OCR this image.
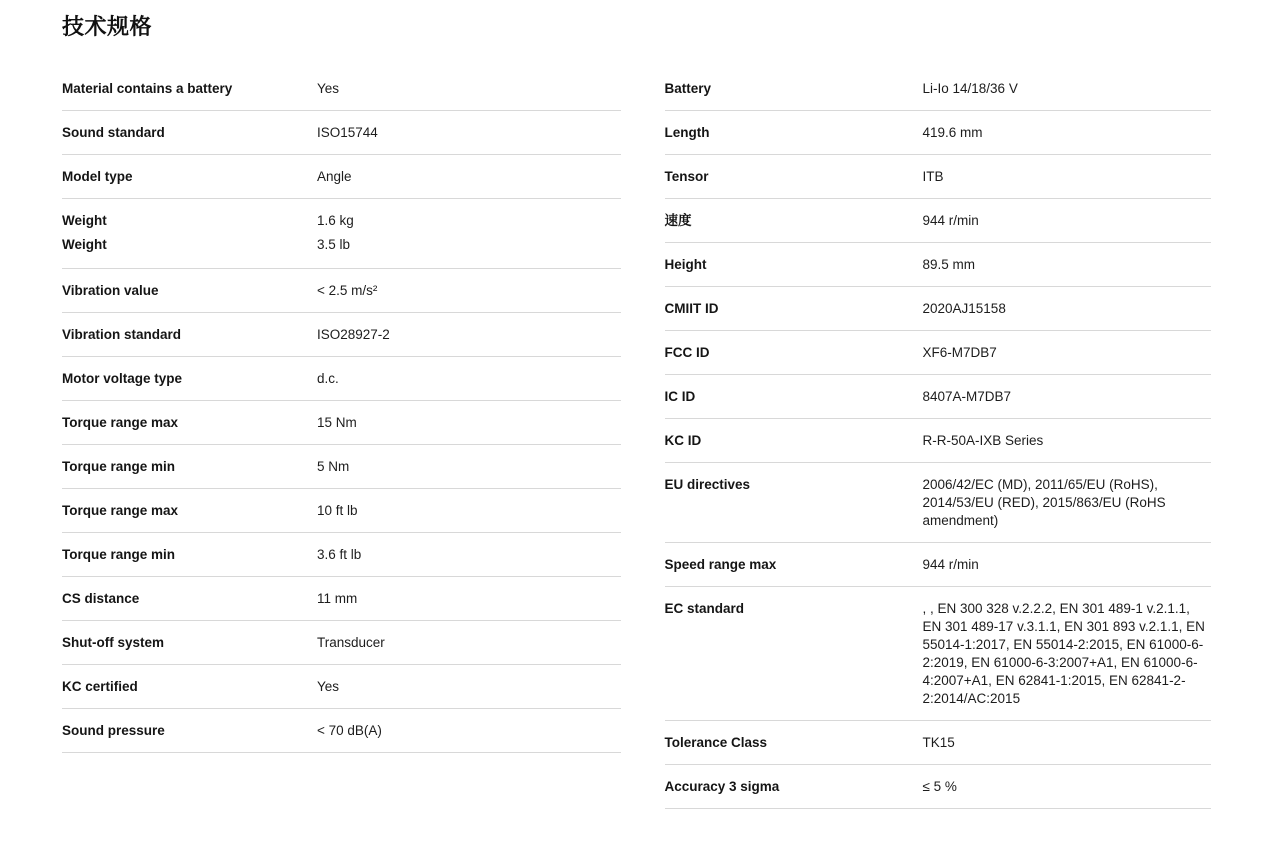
技术规格
Material contains a battery	Yes
Sound standard	ISO15744
Model type	Angle
Weight	1.6 kg
Weight	3.5 lb
Vibration value	< 2.5 m/s²
Vibration standard	ISO28927-2
Motor voltage type	d.c.
Torque range max	15 Nm
Torque range min	5 Nm
Torque range max	10 ft lb
Torque range min	3.6 ft lb
CS distance	11 mm
Shut-off system	Transducer
KC certified	Yes
Sound pressure	< 70 dB(A)
Battery	Li-Io 14/18/36 V
Length	419.6 mm
Tensor	ITB
速度	944 r/min
Height	89.5 mm
CMIIT ID	2020AJ15158
FCC ID	XF6-M7DB7
IC ID	8407A-M7DB7
KC ID	R-R-50A-IXB Series
EU directives	2006/42/EC (MD), 2011/65/EU (RoHS), 2014/53/EU (RED), 2015/863/EU (RoHS amendment)
Speed range max	944 r/min
EC standard	, , EN 300 328 v.2.2.2, EN 301 489-1 v.2.1.1, EN 301 489-17 v.3.1.1, EN 301 893 v.2.1.1, EN 55014-1:2017, EN 55014-2:2015, EN 61000-6-2:2019, EN 61000-6-3:2007+A1, EN 61000-6-4:2007+A1, EN 62841-1:2015, EN 62841-2-2:2014/AC:2015
Tolerance Class	TK15
Accuracy 3 sigma	≤ 5 %
